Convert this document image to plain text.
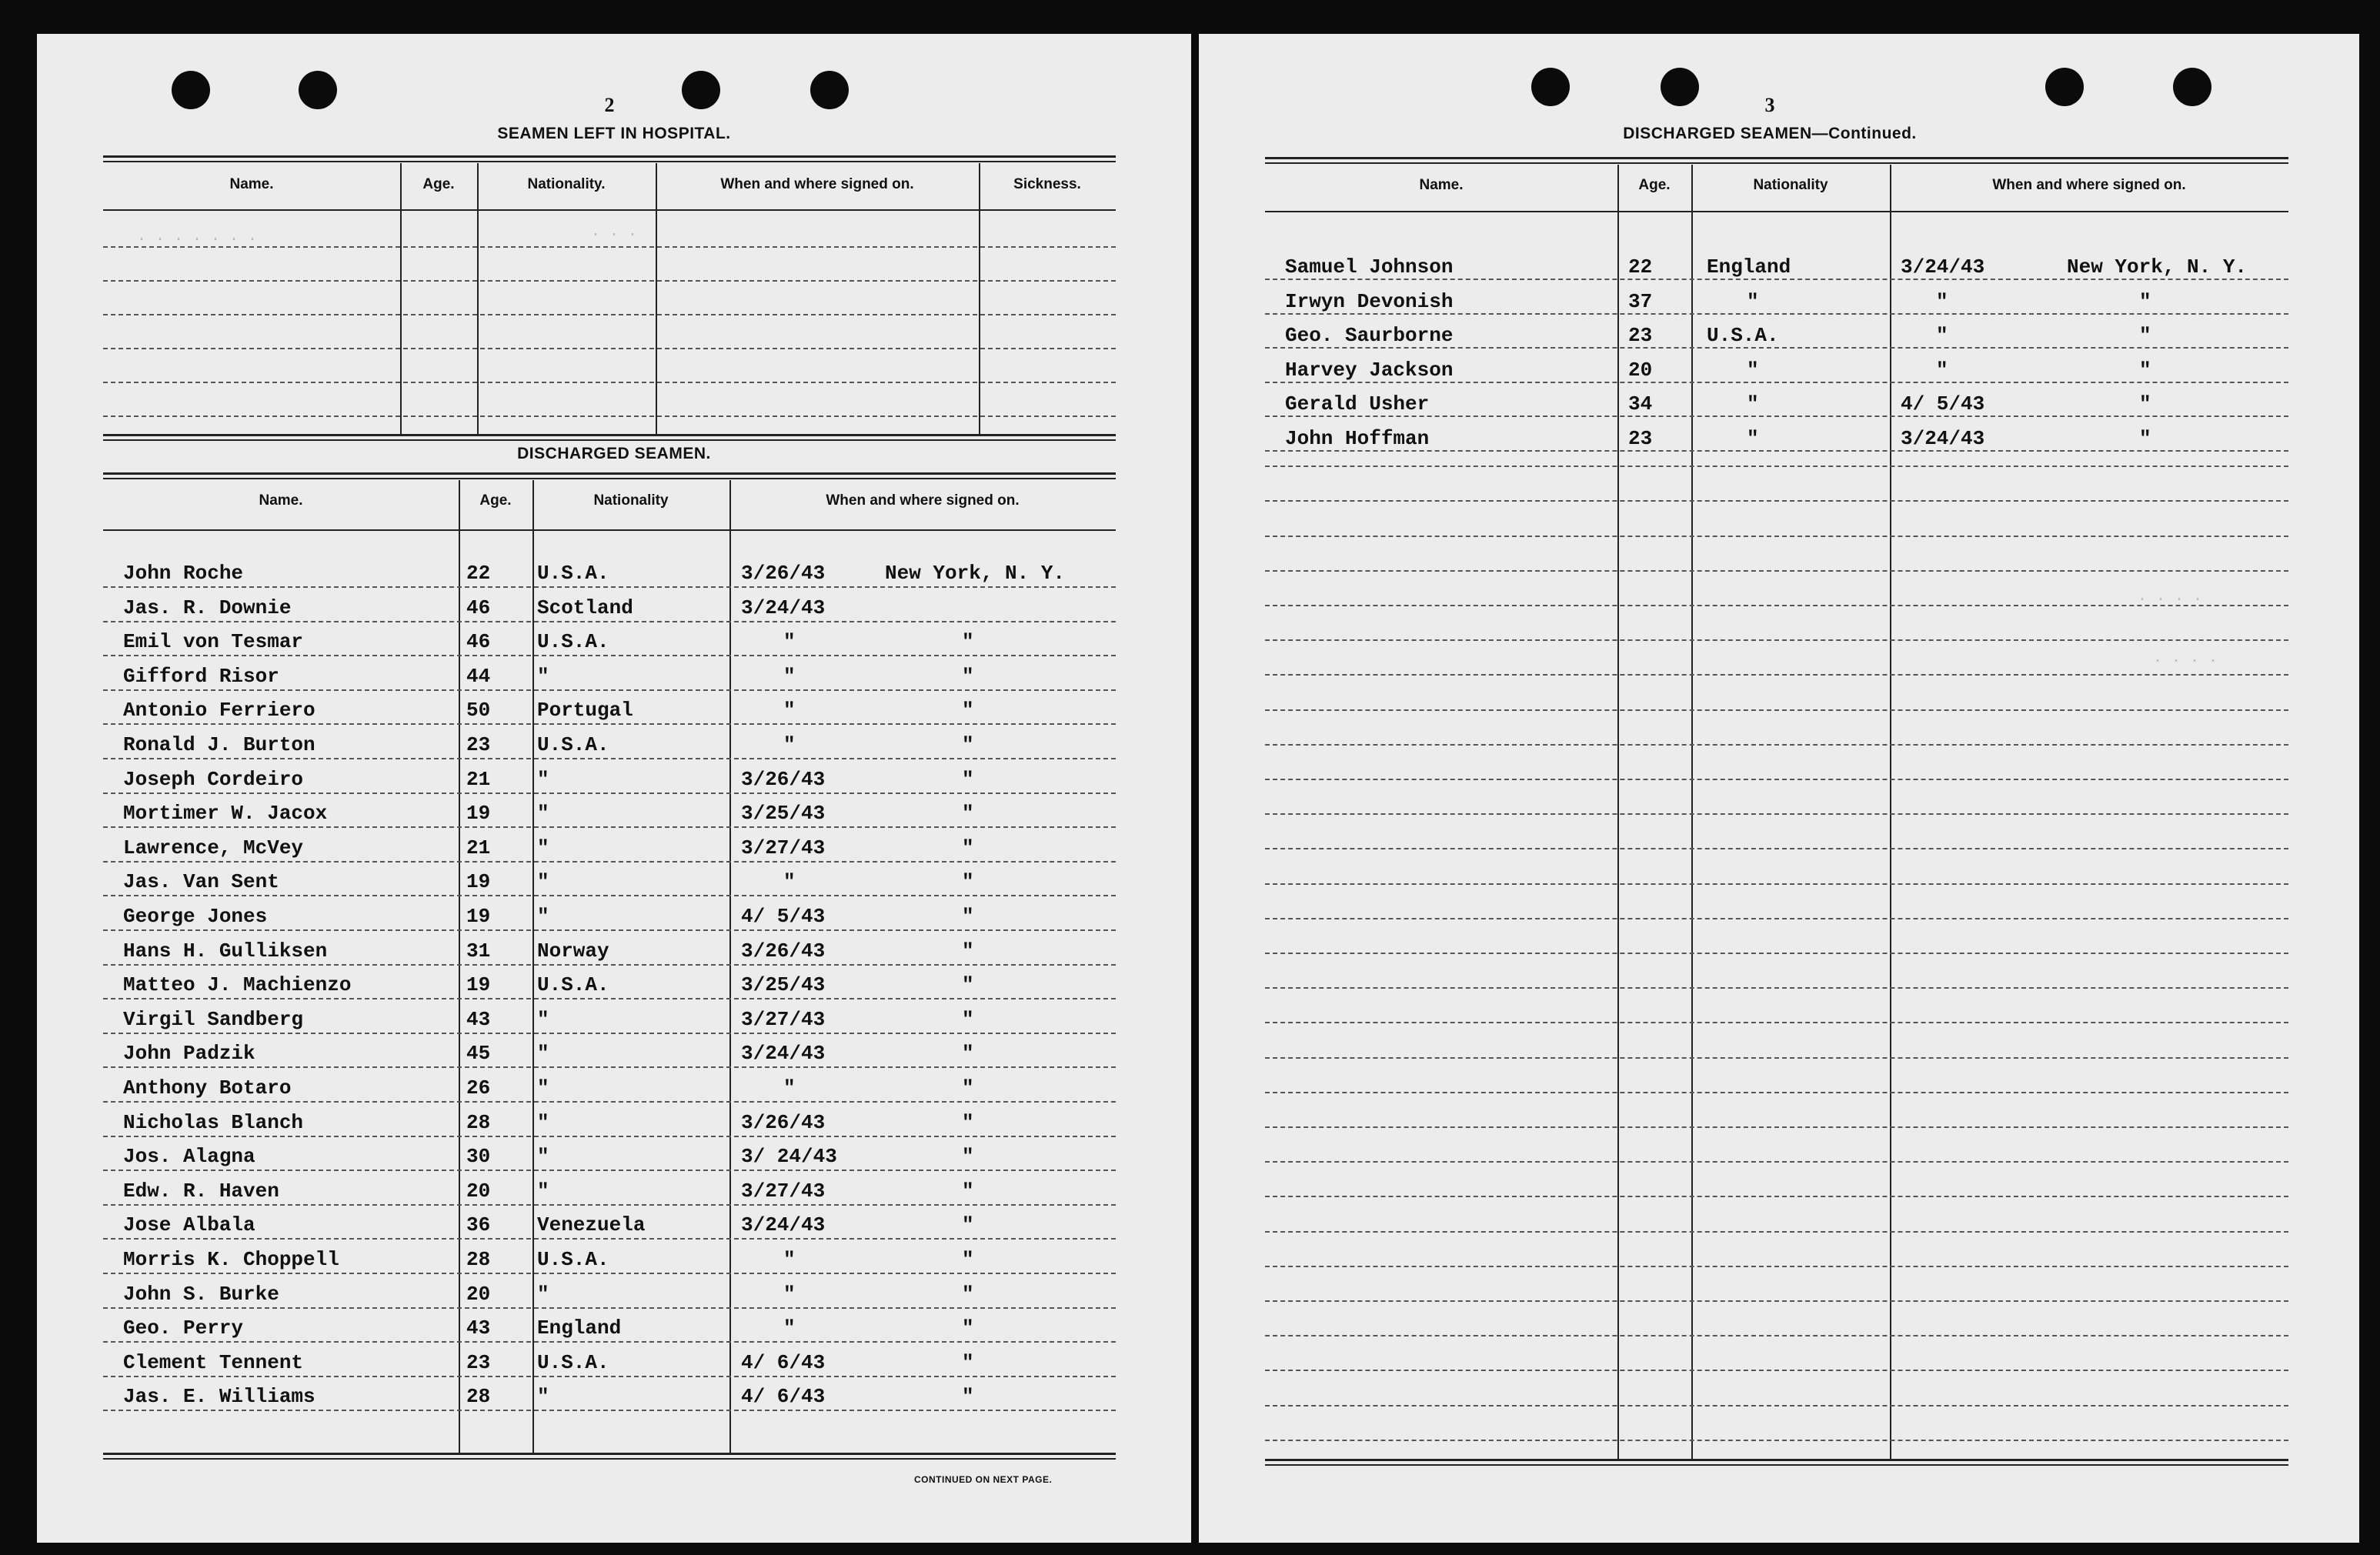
2
SEAMEN LEFT IN HOSPITAL.
Name.	Age.	Nationality.	When and where signed on.	Sickness.
. . . . . . .	. . .
DISCHARGED SEAMEN.
Name.	Age.	Nationality	When and where signed on.
John Roche	22 U.S.A.	3/26/43	New York, N. Y.
Jas. R. Downie	46 Scotland	3/24/43
Emil von Tesmar	46 U.S.A.	"	"
Gifford Risor	44 "	"	"
Antonio Ferriero	50 Portugal	"	"
Ronald J. Burton	23 U.S.A.	"	"
Joseph Cordeiro	21 "	3/26/43	"
Mortimer W. Jacox	19 "	3/25/43	"
Lawrence, McVey	21 "	3/27/43	"
Jas. Van Sent	19 "	"	"
George Jones	19 "	4/ 5/43	"
Hans H. Gulliksen	31 Norway	3/26/43	"
Matteo J. Machienzo	19 U.S.A.	3/25/43	"
Virgil Sandberg	43 "	3/27/43	"
John Padzik	45 "	3/24/43	"
Anthony Botaro	26 "	"	"
Nicholas Blanch	28 "	3/26/43	"
Jos. Alagna	30 "	3/ 24/43	"
Edw. R. Haven	20 "	3/27/43	"
Jose Albala	36 Venezuela	3/24/43	"
Morris K. Choppell	28 U.S.A.	"	"
John S. Burke	20 "	"	"
Geo. Perry	43 England	"	"
Clement Tennent	23 U.S.A.	4/ 6/43	"
Jas. E. Williams	28 "	4/ 6/43	"
CONTINUED ON NEXT PAGE.
3
DISCHARGED SEAMEN—Continued.
Name.	Age.	Nationality	When and where signed on.
Samuel Johnson	22	England	3/24/43	New York, N. Y.
Irwyn Devonish	37	"	"	"
Geo. Saurborne	23	U.S.A.	"	"
Harvey Jackson	20	"	"	"
Gerald Usher	34	"	4/ 5/43	"
John Hoffman	23	"	3/24/43	"
. . . .
. . . .
